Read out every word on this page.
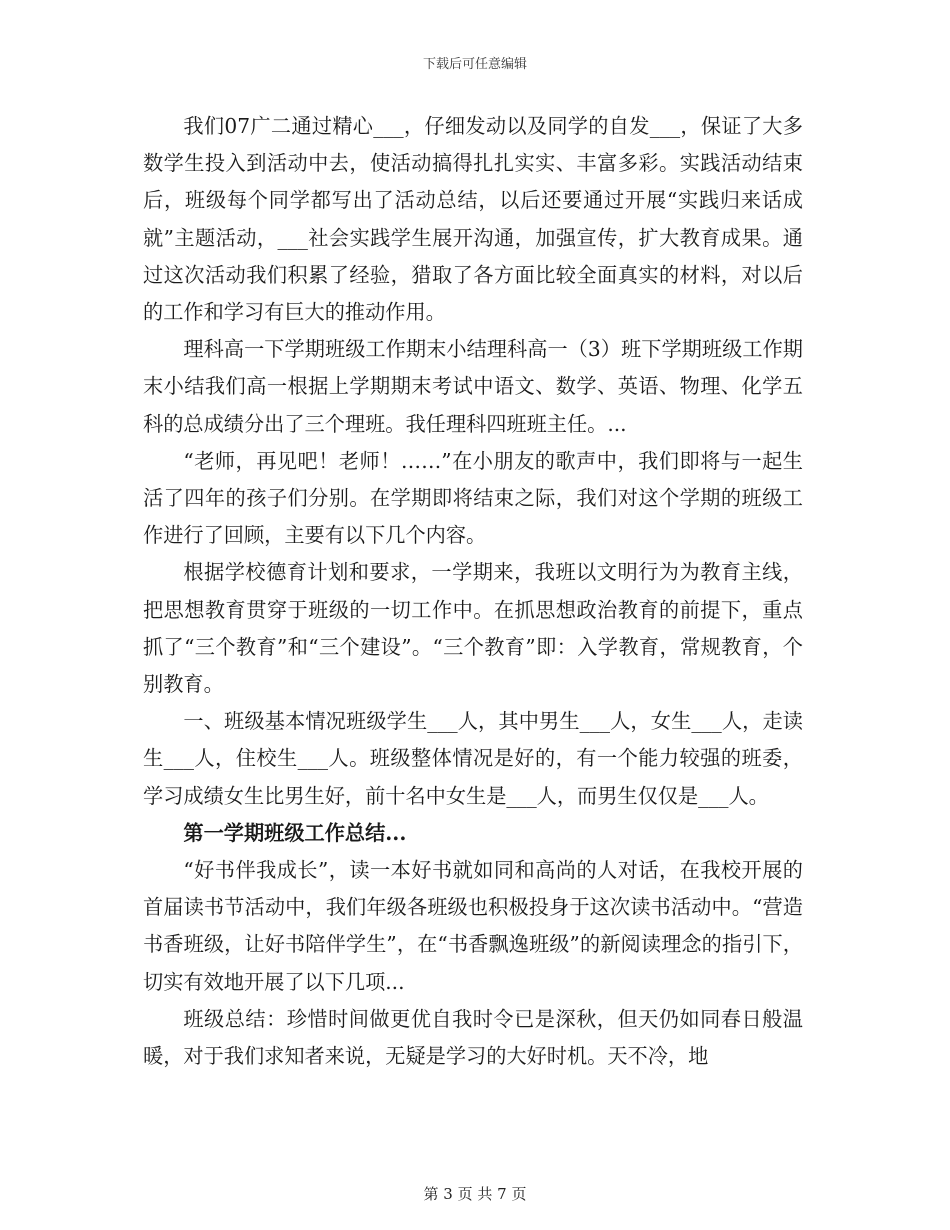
下载后可任意编辑

我们07广二通过精心___，仔细发动以及同学的自发___，保证了大多数学生投入到活动中去，使活动搞得扎扎实实、丰富多彩。实践活动结束后，班级每个同学都写出了活动总结，以后还要通过开展“实践归来话成就”主题活动，___社会实践学生展开沟通，加强宣传，扩大教育成果。通过这次活动我们积累了经验，猎取了各方面比较全面真实的材料，对以后的工作和学习有巨大的推动作用。

理科高一下学期班级工作期末小结理科高一（3）班下学期班级工作期末小结我们高一根据上学期期末考试中语文、数学、英语、物理、化学五科的总成绩分出了三个理班。我任理科四班班主任。...

“老师，再见吧！老师！……”在小朋友的歌声中，我们即将与一起生活了四年的孩子们分别。在学期即将结束之际，我们对这个学期的班级工作进行了回顾，主要有以下几个内容。

根据学校德育计划和要求，一学期来，我班以文明行为为教育主线，把思想教育贯穿于班级的一切工作中。在抓思想政治教育的前提下，重点抓了“三个教育”和“三个建设”。“三个教育”即：入学教育，常规教育，个别教育。

一、班级基本情况班级学生___人，其中男生___人，女生___人，走读生___人，住校生___人。班级整体情况是好的，有一个能力较强的班委，学习成绩女生比男生好，前十名中女生是___人，而男生仅仅是___人。

第一学期班级工作总结...

“好书伴我成长”，读一本好书就如同和高尚的人对话，在我校开展的首届读书节活动中，我们年级各班级也积极投身于这次读书活动中。“营造书香班级，让好书陪伴学生”，在“书香飘逸班级”的新阅读理念的指引下，切实有效地开展了以下几项...

班级总结：珍惜时间做更优自我时令已是深秋，但天仍如同春日般温暖，对于我们求知者来说，无疑是学习的大好时机。天不冷，地

第 3 页 共 7 页
